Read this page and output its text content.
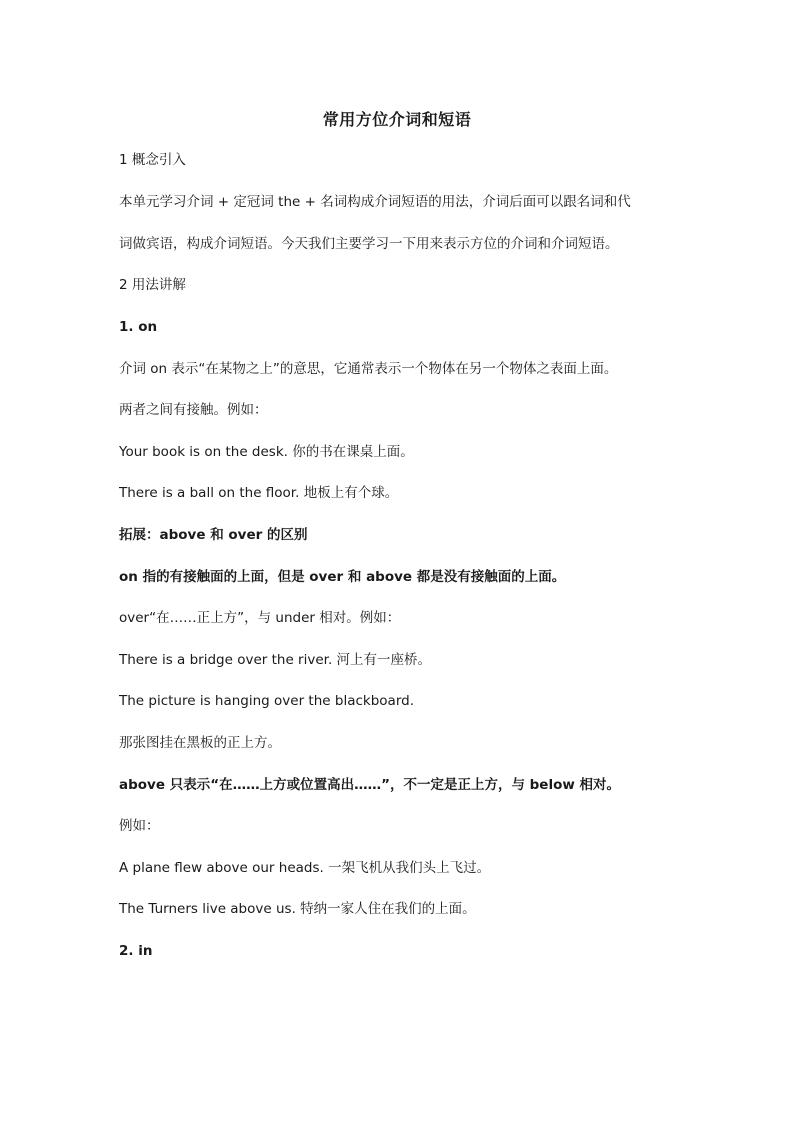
常用方位介词和短语
1 概念引入
本单元学习介词 + 定冠词 the + 名词构成介词短语的用法，介词后面可以跟名词和代
词做宾语，构成介词短语。今天我们主要学习一下用来表示方位的介词和介词短语。
2 用法讲解
1. on
介词 on 表示“在某物之上”的意思，它通常表示一个物体在另一个物体之表面上面。
两者之间有接触。例如：
Your book is on the desk. 你的书在课桌上面。
There is a ball on the floor. 地板上有个球。
拓展：above 和 over 的区别
on 指的有接触面的上面，但是 over 和 above 都是没有接触面的上面。
over“在……正上方”，与 under 相对。例如：
There is a bridge over the river. 河上有一座桥。
The picture is hanging over the blackboard.
那张图挂在黑板的正上方。
above 只表示“在……上方或位置高出……”，不一定是正上方，与 below 相对。
例如：
A plane flew above our heads. 一架飞机从我们头上飞过。
The Turners live above us. 特纳一家人住在我们的上面。
2. in
